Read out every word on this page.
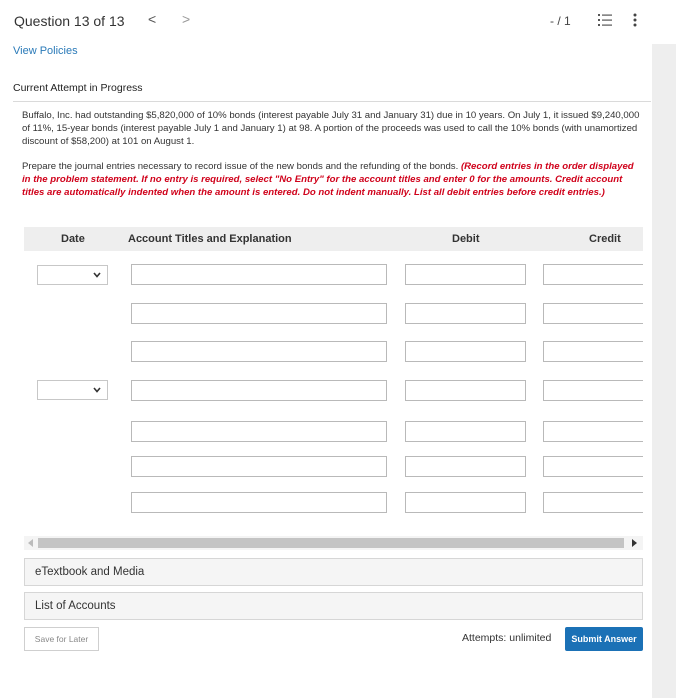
Question 13 of 13 < >	- / 1
View Policies
Current Attempt in Progress
Buffalo, Inc. had outstanding $5,820,000 of 10% bonds (interest payable July 31 and January 31) due in 10 years. On July 1, it issued $9,240,000 of 11%, 15-year bonds (interest payable July 1 and January 1) at 98. A portion of the proceeds was used to call the 10% bonds (with unamortized discount of $58,200) at 101 on August 1.
Prepare the journal entries necessary to record issue of the new bonds and the refunding of the bonds. (Record entries in the order displayed in the problem statement. If no entry is required, select "No Entry" for the account titles and enter 0 for the amounts. Credit account titles are automatically indented when the amount is entered. Do not indent manually. List all debit entries before credit entries.)
Date	Account Titles and Explanation	Debit	Credit
eTextbook and Media
List of Accounts
Save for Later	Attempts: unlimited	Submit Answer
